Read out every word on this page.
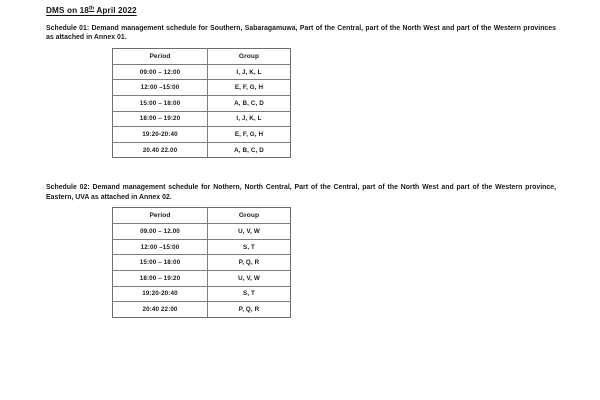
DMS on 18th April 2022

Schedule 01: Demand management schedule for Southern, Sabaragamuwa, Part of the Central, part of the North West and part of the Western provinces as attached in Annex 01.

Period	Group
09:00 – 12:00	I, J, K, L
12:00 –15:00	E, F, G, H
15:00 – 18:00	A, B, C, D
18:00 – 19:20	I, J, K, L
19:20-20:40	E, F, G, H
20.40 22.00	A, B, C, D

Schedule 02: Demand management schedule for Nothern, North Central, Part of the Central, part of the North West and part of the Western province, Eastern, UVA as attached in Annex 02.

Period	Group
09.00 – 12.00	U, V, W
12:00 –15:00	S, T
15:00 – 18:00	P, Q, R
18:00 – 19:20	U, V, W
19:20-20:40	S, T
20:40 22:00	P, Q, R
